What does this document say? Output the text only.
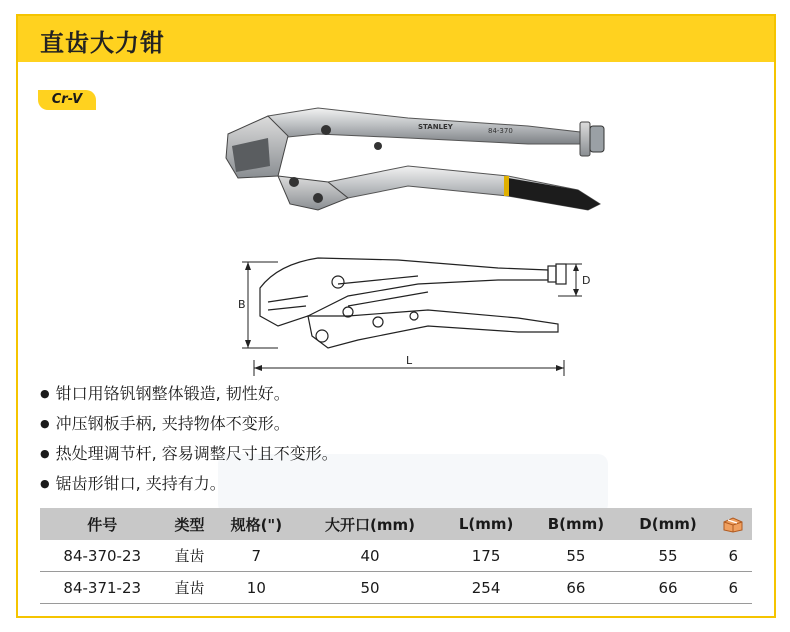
直齿大力钳
Cr-V
STANLEY	84-370
B
D
L
● 钳口用铬钒钢整体锻造, 韧性好。
● 冲压钢板手柄, 夹持物体不变形。
● 热处理调节杆, 容易调整尺寸且不变形。
● 锯齿形钳口, 夹持有力。
件号	类型	规格(")	大开口(mm)	L(mm)	B(mm)	D(mm)	
84-370-23	直齿	7	40	175	55	55	6
84-371-23	直齿	10	50	254	66	66	6
